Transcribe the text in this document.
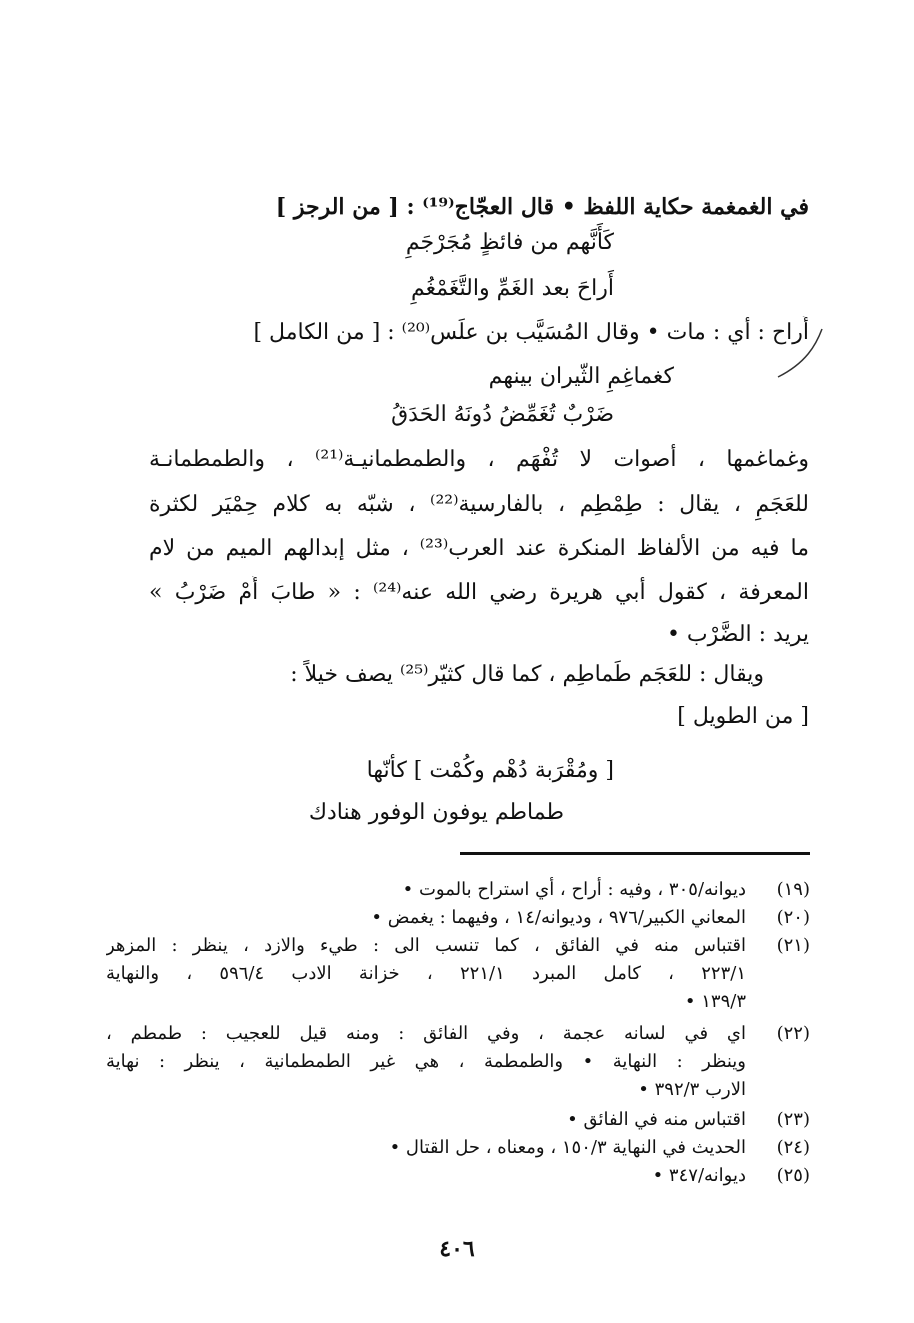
في الغمغمة حكاية اللفظ • قال العجّاج⁽¹⁹⁾ : [ من الرجز ]
كَأَنَّهم من فائظٍ مُجَرْجَمِ
أَراحَ بعد الغَمِّ والتَّغَمْغُمِ
أَراح : أي : مات • وقال المُسَيَّب بن علَس⁽²⁰⁾ : [ من الكامل ]
كغماغِمِ الثّيران بينهم
ضَرْبٌ تُغَمِّضُ دُونَهُ الحَدَقُ
وغماغمها ، أصوات لا تُفْهَم ، والطمطمانيـة⁽²¹⁾ ، والطمطمانـة
للعَجَمِ ، يقال : طِمْطِم ، بالفارسية⁽²²⁾ ، شبّه به كلام حِمْيَر لكثرة
ما فيه من الألفاظ المنكرة عند العرب⁽²³⁾ ، مثل إبدالهم الميم من لام
المعرفة ، كقول أبي هريرة رضي الله عنه⁽²⁴⁾ : « طابَ أَمْ ضَرْبُ »
يريد : الضَّرْب •
ويقال : للعَجَم طَماطِم ، كما قال كثيّر⁽²⁵⁾ يصف خيلاً :
[ من الطويل ]
[ ومُقْرَبة دُهْم وكُمْت ] كأنّها
طماطم يوفون الوفور هنادك
(١٩)
ديوانه/٣٠٥ ، وفيه : أراح ، أي استراح بالموت •
(٢٠)
المعاني الكبير/٩٧٦ ، وديوانه/١٤ ، وفيهما : يغمض •
(٢١)
اقتباس منه في الفائق ، كما تنسب الى : طيء والازد ، ينظر : المزهر
٢٢٣/١ ، كامل المبرد ٢٢١/١ ، خزانة الادب ٥٩٦/٤ ، والنهاية
١٣٩/٣ •
(٢٢)
اي في لسانه عجمة ، وفي الفائق : ومنه قيل للعجيب : طمطم ،
وينظر : النهاية • والطمطمة ، هي غير الطمطمانية ، ينظر : نهاية
الارب ٣٩٢/٣ •
(٢٣)
اقتباس منه في الفائق •
(٢٤)
الحديث في النهاية ١٥٠/٣ ، ومعناه ، حل القتال •
(٢٥)
ديوانه/٣٤٧ •
٤٠٦
